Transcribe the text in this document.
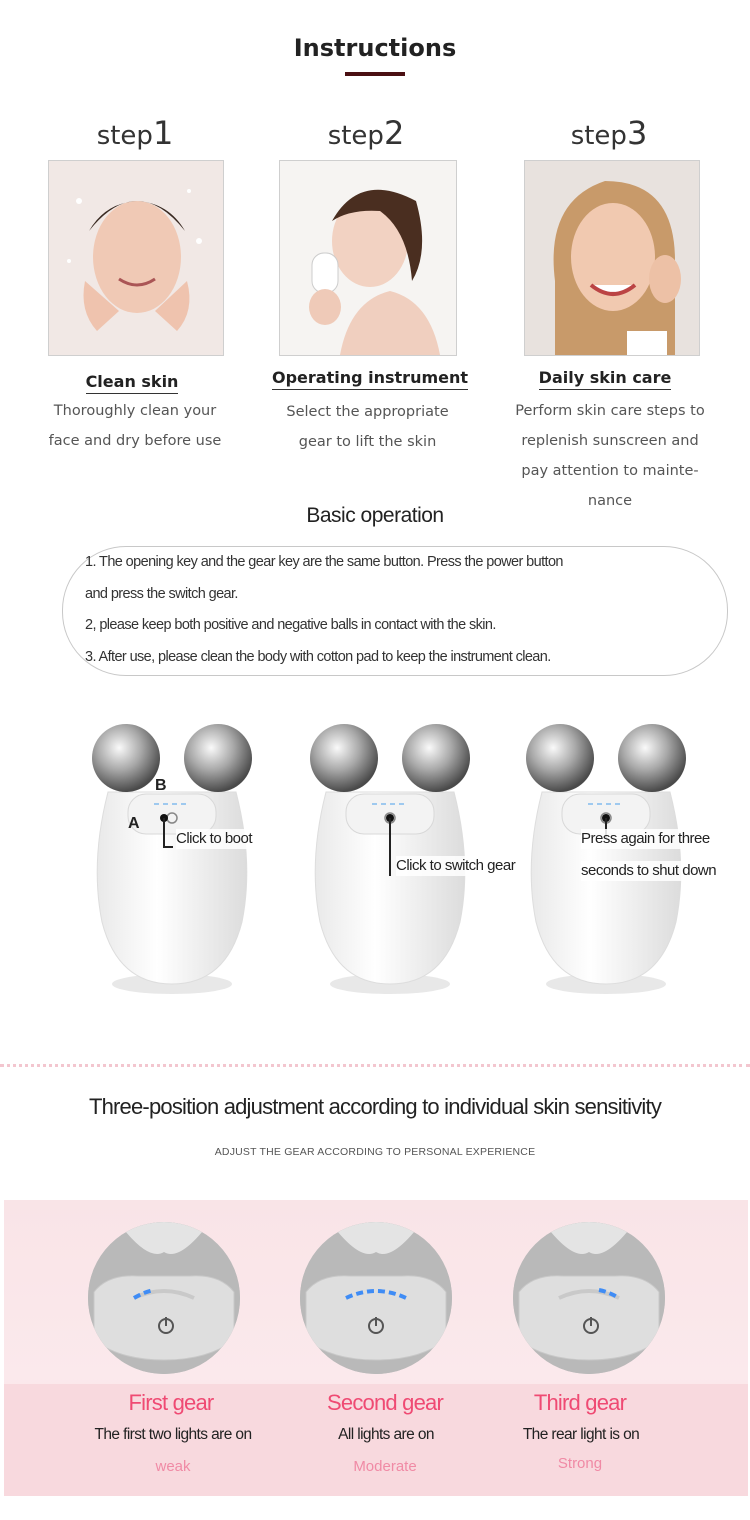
Instructions
step1	step2	step3
Clean skin	Operating instrument	Daily skin care
Thoroughly clean your
face and dry before use
Select the appropriate
gear to lift the skin
Perform skin care steps to
replenish sunscreen and
pay attention to mainte-
nance
Basic operation
1. The opening key and the gear key are the same button. Press the power button
and press the switch gear.
2, please keep both positive and negative balls in contact with the skin.
3. After use, please clean the body with cotton pad to keep the instrument clean.
B
A
Click to boot
Click to switch gear
Press again for three
seconds to shut down
Three-position adjustment according to individual skin sensitivity
ADJUST THE GEAR ACCORDING TO PERSONAL EXPERIENCE
First gear	Second gear	Third gear
The first two lights are on	All lights are on	The rear light is on
weak	Moderate	Strong
